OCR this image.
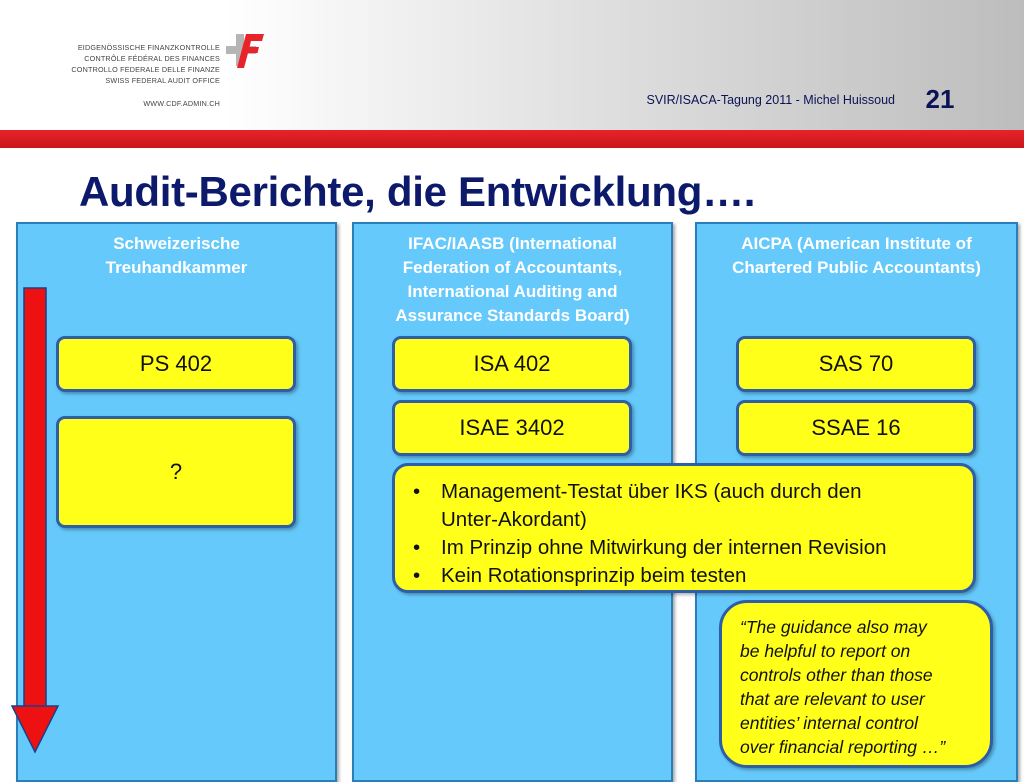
EIDGENÖSSISCHE FINANZKONTROLLE
CONTRÔLE FÉDÉRAL DES FINANCES
CONTROLLO FEDERALE DELLE FINANZE
SWISS FEDERAL AUDIT OFFICE
WWW.CDF.ADMIN.CH	SVIR/ISACA-Tagung 2011 - Michel Huissoud 21
Audit-Berichte, die Entwicklung….
Schweizerische
Treuhandkammer
IFAC/IAASB (International
Federation of Accountants,
International Auditing and
Assurance Standards Board)
AICPA (American Institute of
Chartered Public Accountants)
PS 402
?
ISA 402
ISAE 3402
SAS 70
SSAE 16
• Management-Testat über IKS (auch durch den
Unter-Akordant)
• Im Prinzip ohne Mitwirkung der internen Revision
• Kein Rotationsprinzip beim testen
“The guidance also may
be helpful to report on
controls other than those
that are relevant to user
entities’ internal control
over financial reporting …”
